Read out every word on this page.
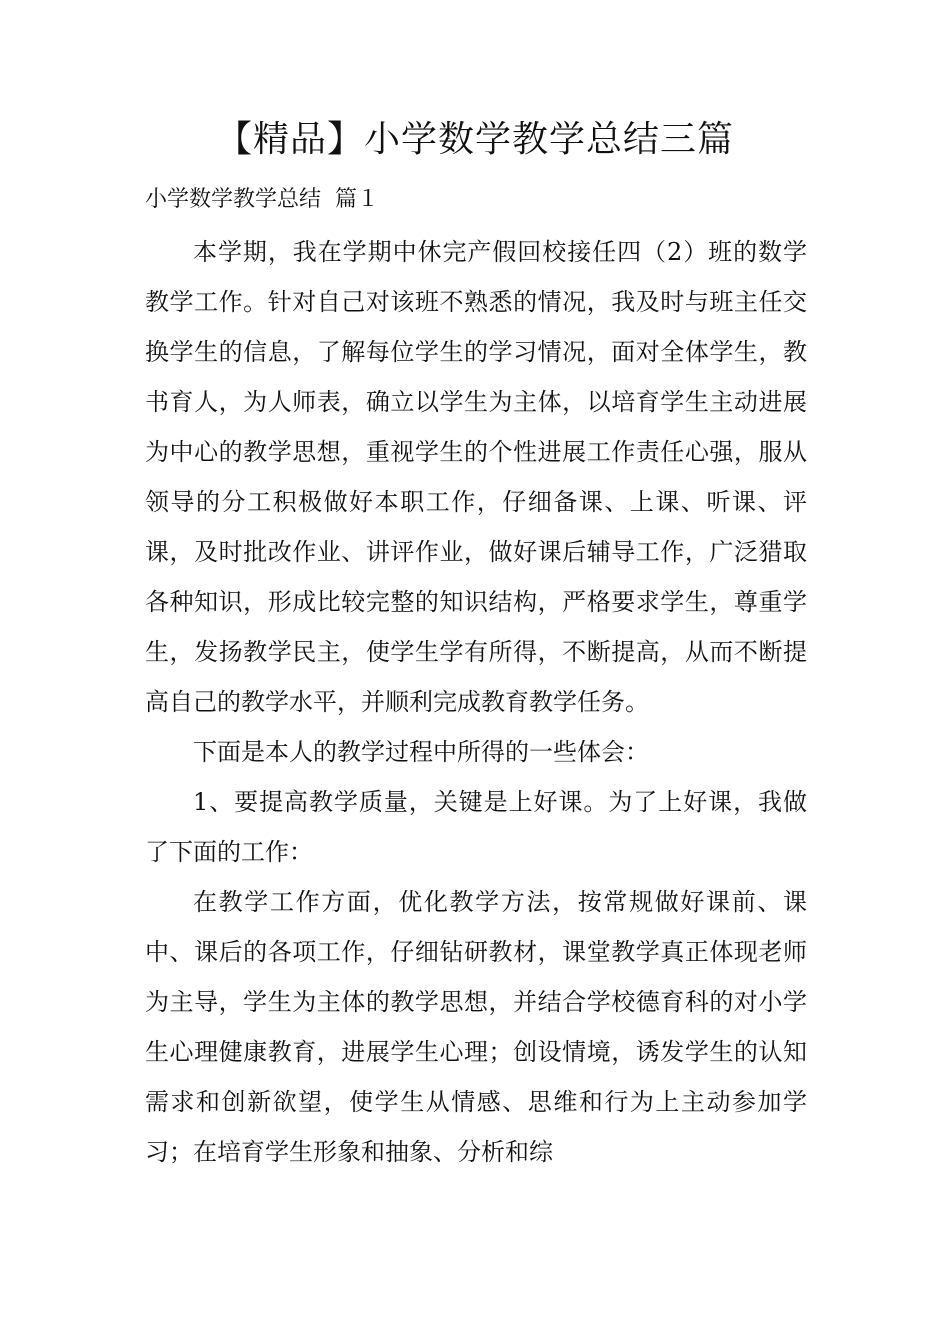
【精品】小学数学教学总结三篇
小学数学教学总结  篇１

本学期，我在学期中休完产假回校接任四（2）班的数学教学工作。针对自己对该班不熟悉的情况，我及时与班主任交换学生的信息，了解每位学生的学习情况，面对全体学生，教书育人，为人师表，确立以学生为主体，以培育学生主动进展为中心的教学思想，重视学生的个性进展工作责任心强，服从领导的分工积极做好本职工作，仔细备课、上课、听课、评课，及时批改作业、讲评作业，做好课后辅导工作，广泛猎取各种知识，形成比较完整的知识结构，严格要求学生，尊重学生，发扬教学民主，使学生学有所得，不断提高，从而不断提高自己的教学水平，并顺利完成教育教学任务。

下面是本人的教学过程中所得的一些体会：

1、要提高教学质量，关键是上好课。为了上好课，我做了下面的工作：

在教学工作方面，优化教学方法，按常规做好课前、课中、课后的各项工作，仔细钻研教材，课堂教学真正体现老师为主导，学生为主体的教学思想，并结合学校德育科的对小学生心理健康教育，进展学生心理；创设情境，诱发学生的认知需求和创新欲望，使学生从情感、思维和行为上主动参加学习；在培育学生形象和抽象、分析和综
